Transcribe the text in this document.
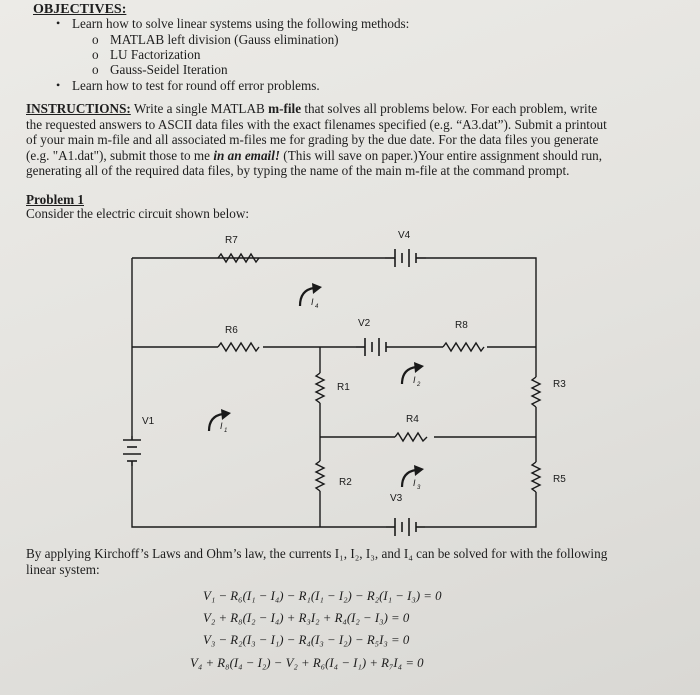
OBJECTIVES:
• Learn how to solve linear systems using the following methods:
o MATLAB left division (Gauss elimination)
o LU Factorization
o Gauss-Seidel Iteration
• Learn how to test for round off error problems.
INSTRUCTIONS: Write a single MATLAB m-file that solves all problems below. For each problem, write
the requested answers to ASCII data files with the exact filenames specified (e.g. “A3.dat”). Submit a printout
of your main m-file and all associated m-files me for grading by the due date. For the data files you generate
(e.g. "A1.dat"), submit those to me in an email! (This will save on paper.)Your entire assignment should run,
generating all of the required data files, by typing the name of the main m-file at the command prompt.
Problem 1
Consider the electric circuit shown below:
V4
R7
V2
R6	R8
R1	R3
V1	R4
R2	R5
V3
I 4
I 1
I 2
I 3
By applying Kirchoff’s Laws and Ohm’s law, the currents I₁, I₂, I₃, and I₄ can be solved for with the following
linear system:
V₁ − R₆(I₁ − I₄) − R₁(I₁ − I₂) − R₂(I₁ − I₃) = 0
V₂ + R₈(I₂ − I₄) + R₃I₂ + R₄(I₂ − I₃) = 0
V₃ − R₂(I₃ − I₁) − R₄(I₃ − I₂) − R₅I₃ = 0
V₄ + R₈(I₄ − I₂) − V₂ + R₆(I₄ − I₁) + R₇I₄ = 0
